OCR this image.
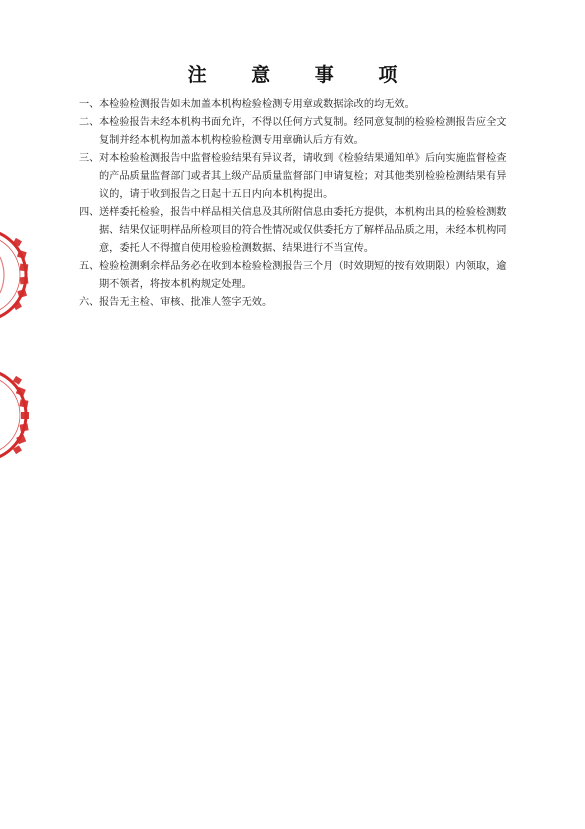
注 意 事 项
一、 本检验检测报告如未加盖本机构检验检测专用章或数据涂改的均无效。
二、 本检验报告未经本机构书面允许，不得以任何方式复制。经同意复制的检验检测报告应全文复制并经本机构加盖本机构检验检测专用章确认后方有效。
三、 对本检验检测报告中监督检验结果有异议者，请收到《检验结果通知单》后向实施监督检查的产品质量监督部门或者其上级产品质量监督部门申请复检；对其他类别检验检测结果有异议的，请于收到报告之日起十五日内向本机构提出。
四、 送样委托检验，报告中样品相关信息及其所附信息由委托方提供，本机构出具的检验检测数据、结果仅证明样品所检项目的符合性情况或仅供委托方了解样品品质之用，未经本机构同意，委托人不得擅自使用检验检测数据、结果进行不当宣传。
五、 检验检测剩余样品务必在收到本检验检测报告三个月（时效期短的按有效期限）内领取，逾期不领者，将按本机构规定处理。
六、 报告无主检、审核、批准人签字无效。
